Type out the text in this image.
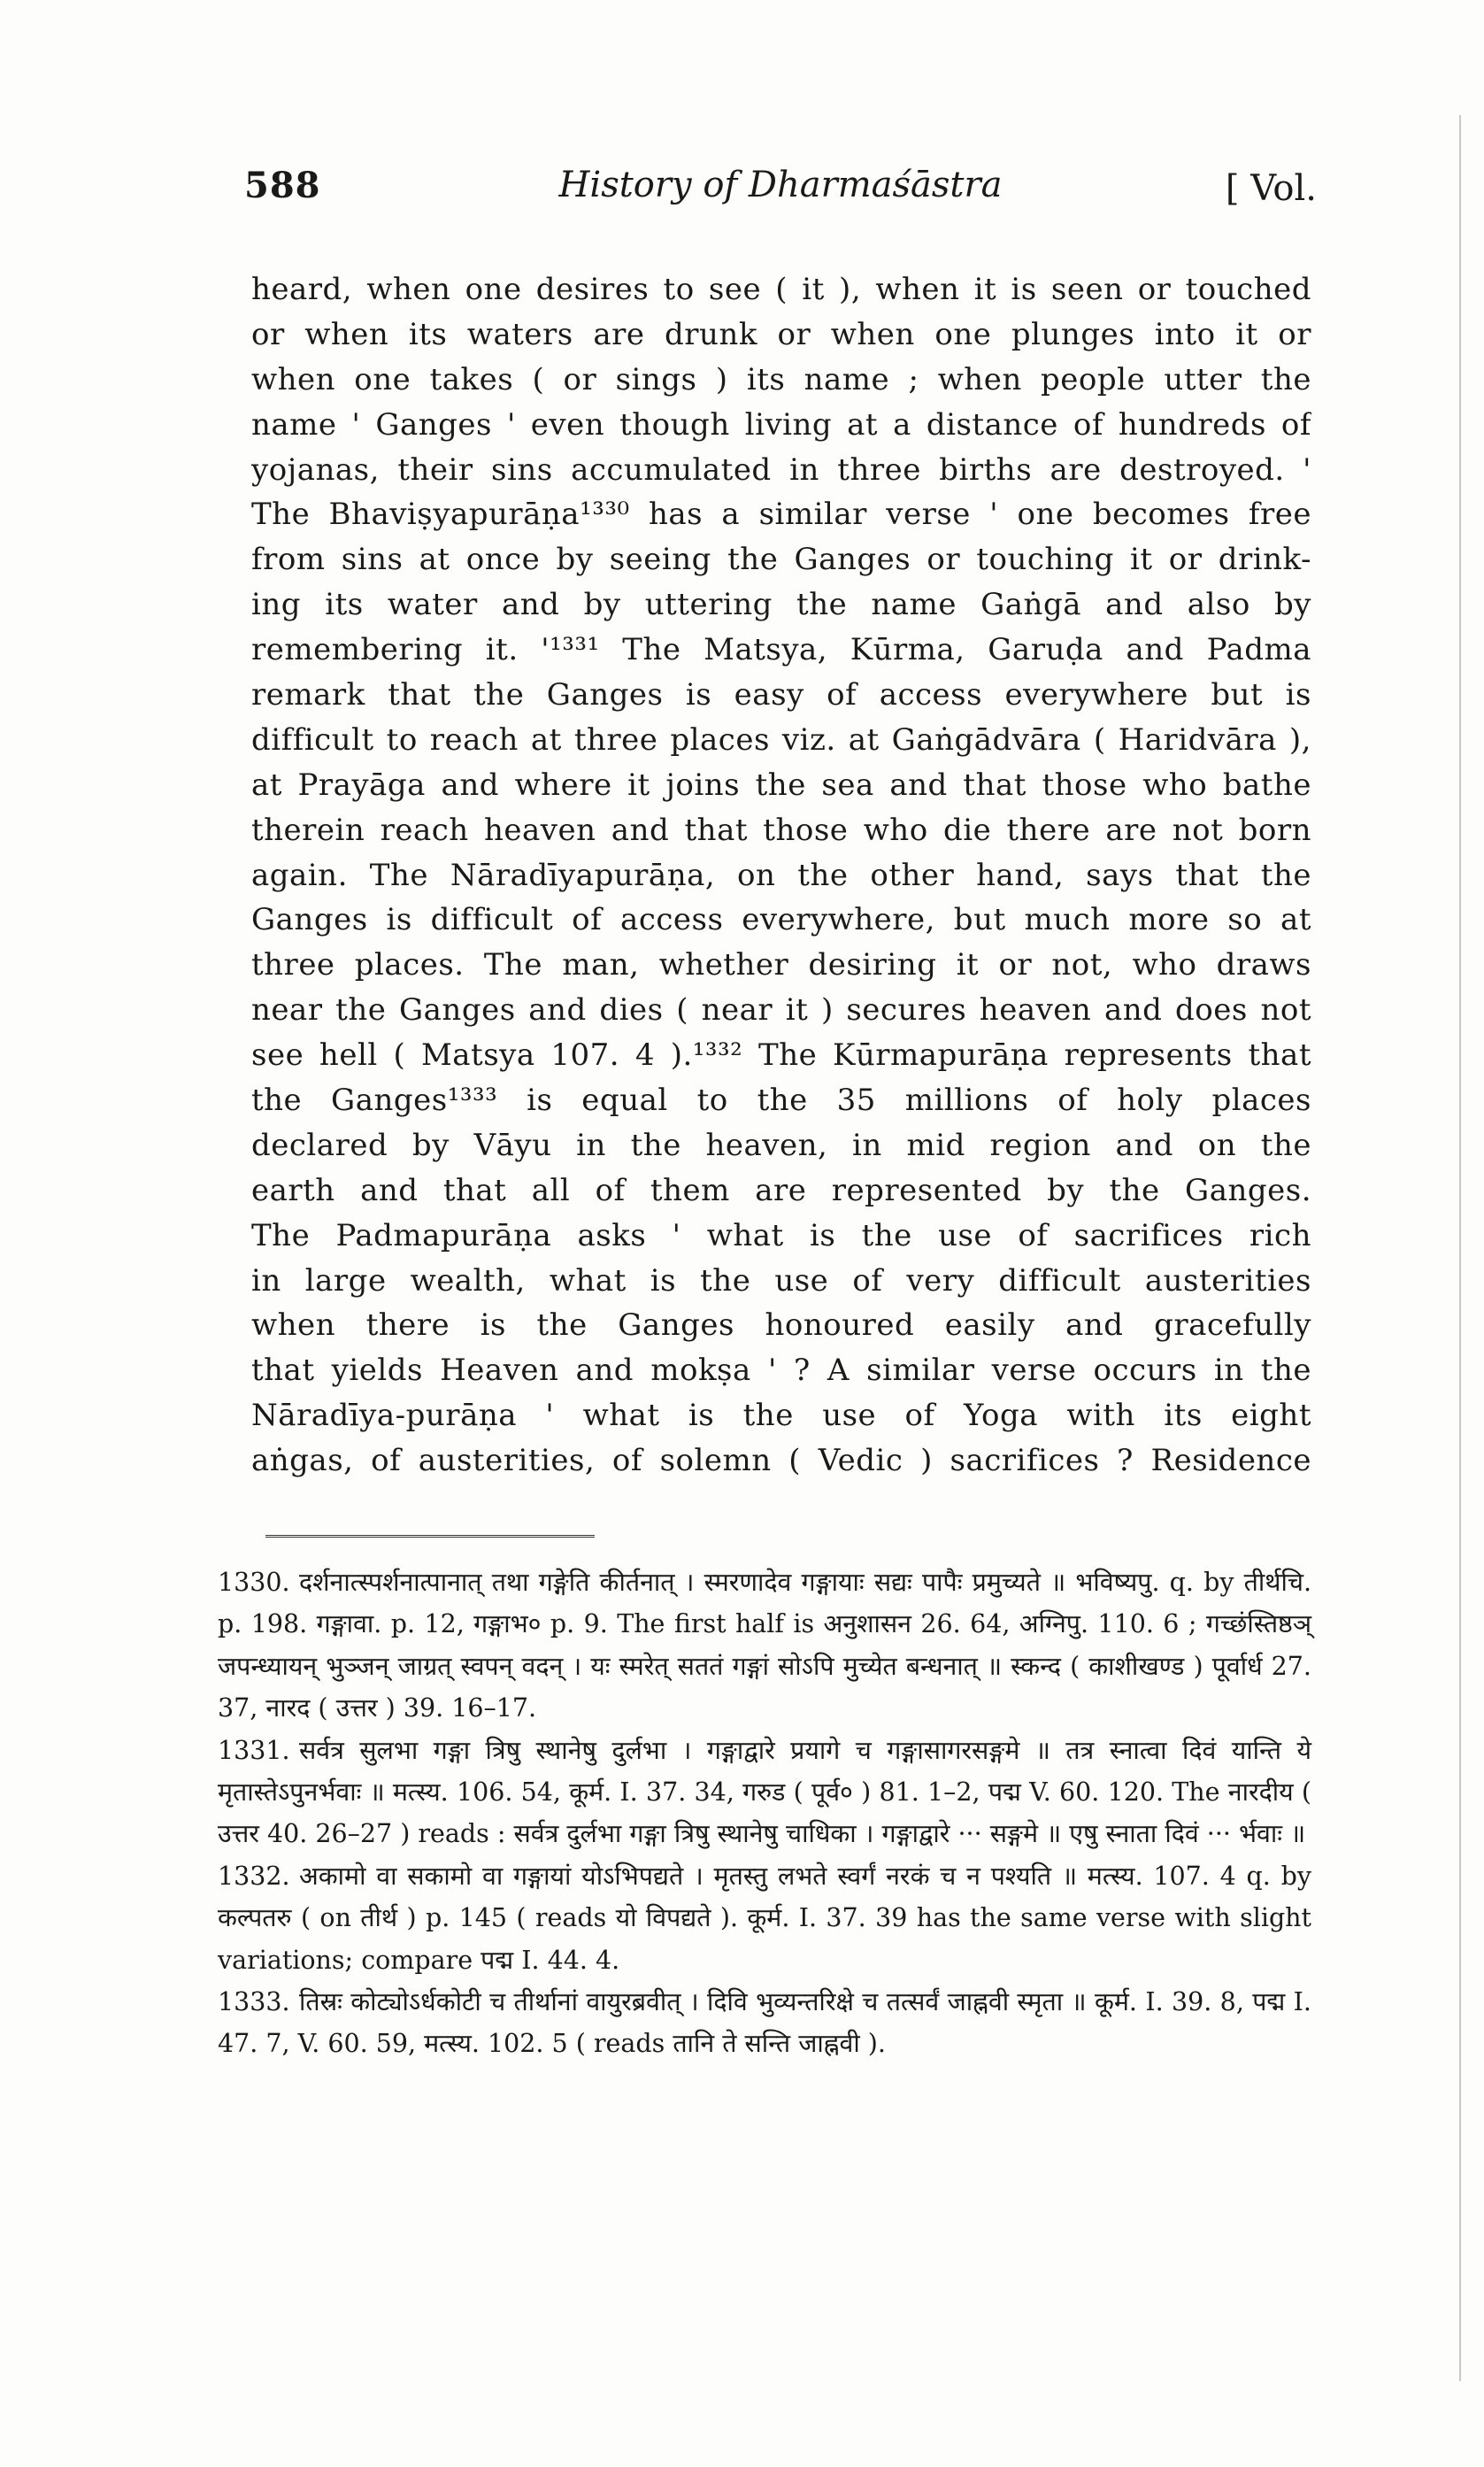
588	History of Dharmaśāstra	[ Vol.
heard, when one desires to see ( it ), when it is seen or touched
or when its waters are drunk or when one plunges into it or
when one takes ( or sings ) its name ; when people utter the
name ' Ganges ' even though living at a distance of hundreds of
yojanas, their sins accumulated in three births are destroyed. '
The Bhaviṣyapurāṇa¹³³⁰ has a similar verse ' one becomes free
from sins at once by seeing the Ganges or touching it or drink-
ing its water and by uttering the name Gaṅgā and also by
remembering it. '¹³³¹ The Matsya, Kūrma, Garuḍa and Padma
remark that the Ganges is easy of access everywhere but is
difficult to reach at three places viz. at Gaṅgādvāra ( Haridvāra ),
at Prayāga and where it joins the sea and that those who bathe
therein reach heaven and that those who die there are not born
again. The Nāradīyapurāṇa, on the other hand, says that the
Ganges is difficult of access everywhere, but much more so at
three places. The man, whether desiring it or not, who draws
near the Ganges and dies ( near it ) secures heaven and does not
see hell ( Matsya 107. 4 ).¹³³² The Kūrmapurāṇa represents that
the Ganges¹³³³ is equal to the 35 millions of holy places
declared by Vāyu in the heaven, in mid region and on the
earth and that all of them are represented by the Ganges.
The Padmapurāṇa asks ' what is the use of sacrifices rich
in large wealth, what is the use of very difficult austerities
when there is the Ganges honoured easily and gracefully
that yields Heaven and mokṣa ' ? A similar verse occurs in the
Nāradīya-purāṇa ' what is the use of Yoga with its eight
aṅgas, of austerities, of solemn ( Vedic ) sacrifices ? Residence
1330. दर्शनात्स्पर्शनात्पानात् तथा गङ्गेति कीर्तनात् । स्मरणादेव गङ्गायाः सद्यः पापैः प्रमुच्यते ॥ भविष्यपु. q. by तीर्थचि. p. 198. गङ्गावा. p. 12, गङ्गाभ० p. 9. The first half is अनुशासन 26. 64, अग्निपु. 110. 6 ; गच्छंस्तिष्ठञ् जपन्ध्यायन् भुञ्जन् जाग्रत् स्वपन् वदन् । यः स्मरेत् सततं गङ्गां सोऽपि मुच्येत बन्धनात् ॥ स्कन्द ( काशीखण्ड ) पूर्वार्ध 27. 37, नारद ( उत्तर ) 39. 16–17.
1331. सर्वत्र सुलभा गङ्गा त्रिषु स्थानेषु दुर्लभा । गङ्गाद्वारे प्रयागे च गङ्गासागरसङ्गमे ॥ तत्र स्नात्वा दिवं यान्ति ये मृतास्तेऽपुनर्भवाः ॥ मत्स्य. 106. 54, कूर्म. I. 37. 34, गरुड ( पूर्व० ) 81. 1–2, पद्म V. 60. 120. The नारदीय ( उत्तर 40. 26–27 ) reads : सर्वत्र दुर्लभा गङ्गा त्रिषु स्थानेषु चाधिका । गङ्गाद्वारे ··· सङ्गमे ॥ एषु स्नाता दिवं ··· र्भवाः ॥
1332. अकामो वा सकामो वा गङ्गायां योऽभिपद्यते । मृतस्तु लभते स्वर्गं नरकं च न पश्यति ॥ मत्स्य. 107. 4 q. by कल्पतरु ( on तीर्थ ) p. 145 ( reads यो विपद्यते ). कूर्म. I. 37. 39 has the same verse with slight variations; compare पद्म I. 44. 4.
1333. तिस्रः कोट्योऽर्धकोटी च तीर्थानां वायुरब्रवीत् । दिवि भुव्यन्तरिक्षे च तत्सर्वं जाह्नवी स्मृता ॥ कूर्म. I. 39. 8, पद्म I. 47. 7, V. 60. 59, मत्स्य. 102. 5 ( reads तानि ते सन्ति जाह्नवी ).
